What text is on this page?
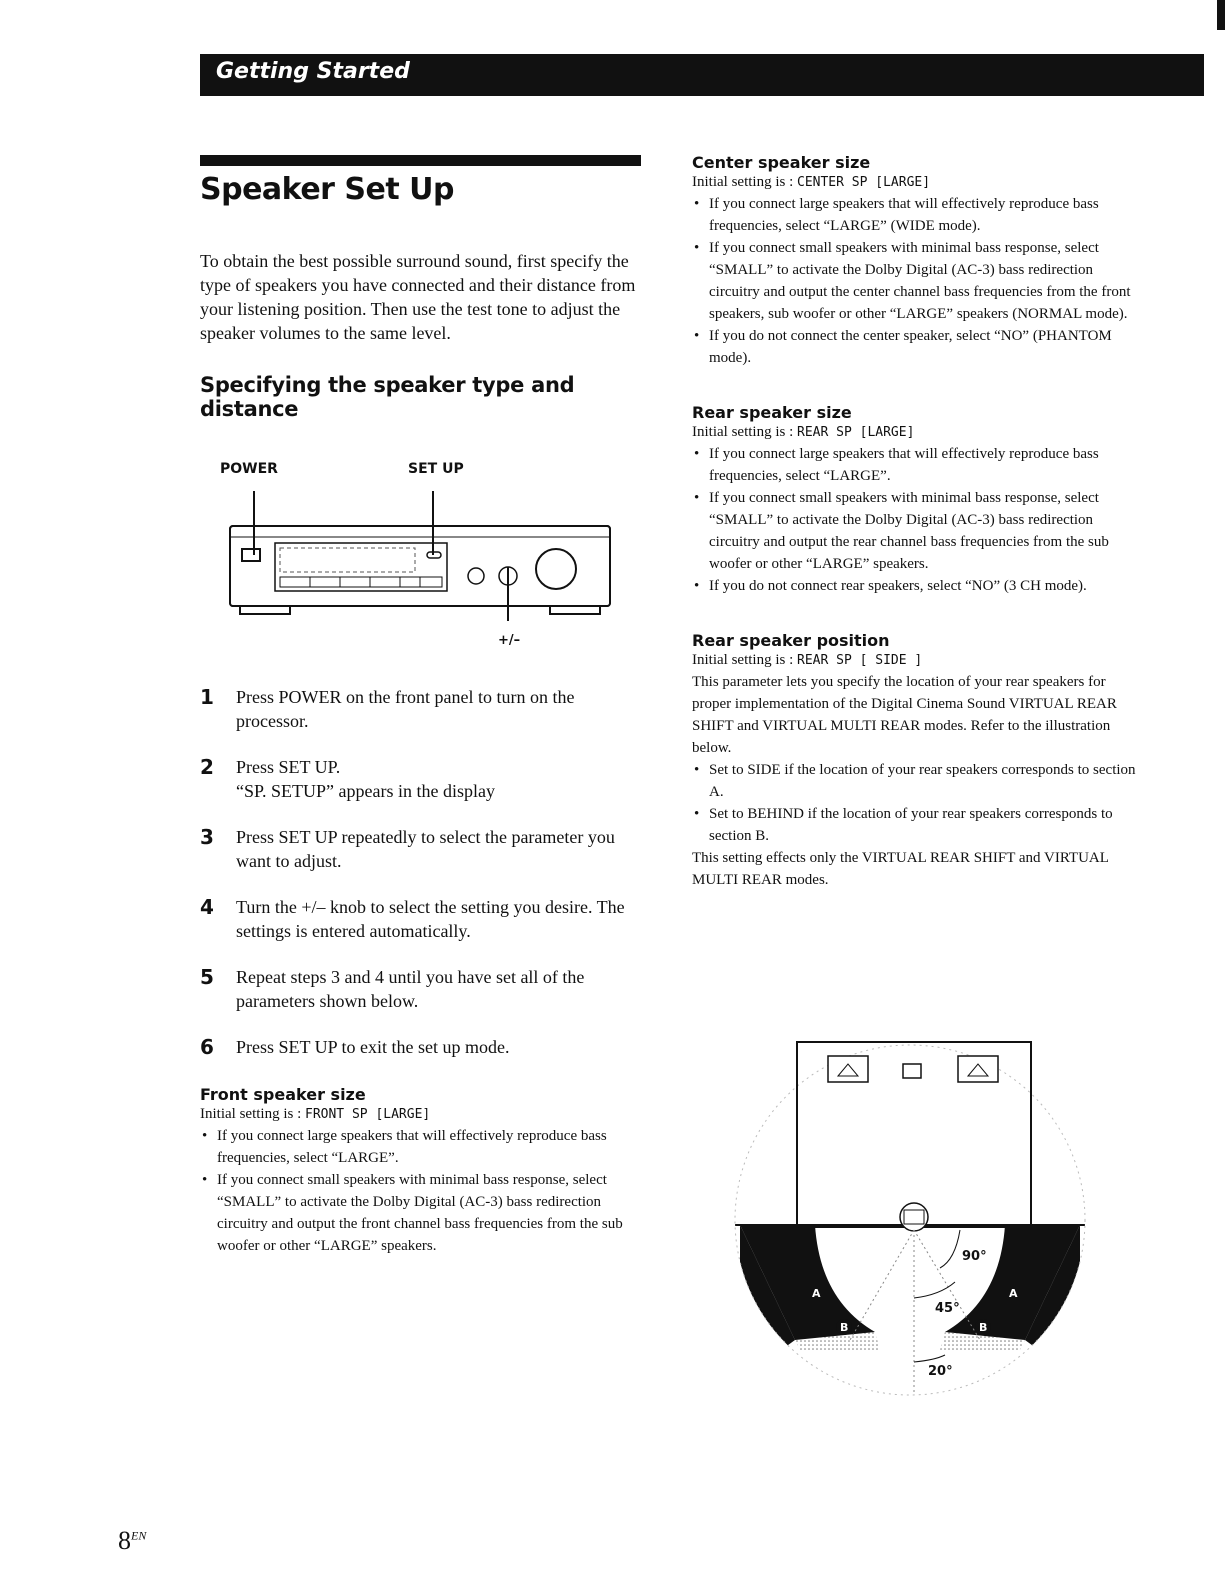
Getting Started
Speaker Set Up

To obtain the best possible surround sound, first specify the type of speakers you have connected and their distance from your listening position. Then use the test tone to adjust the speaker volumes to the same level.

Specifying the speaker type and distance
POWER	SET UP
+/–
1 Press POWER on the front panel to turn on the processor.
2 Press SET UP.
“SP. SETUP” appears in the display
3 Press SET UP repeatedly to select the parameter you want to adjust.
4 Turn the +/– knob to select the setting you desire. The settings is entered automatically.
5 Repeat steps 3 and 4 until you have set all of the parameters shown below.
6 Press SET UP to exit the set up mode.
Front speaker size
Initial setting is : FRONT SP [LARGE]
• If you connect large speakers that will effectively reproduce bass frequencies, select “LARGE”.
• If you connect small speakers with minimal bass response, select “SMALL” to activate the Dolby Digital (AC-3) bass redirection circuitry and output the front channel bass frequencies from the sub woofer or other “LARGE” speakers.
Center speaker size
Initial setting is : CENTER SP [LARGE]
• If you connect large speakers that will effectively reproduce bass frequencies, select “LARGE” (WIDE mode).
• If you connect small speakers with minimal bass response, select “SMALL” to activate the Dolby Digital (AC-3) bass redirection circuitry and output the center channel bass frequencies from the front speakers, sub woofer or other “LARGE” speakers (NORMAL mode).
• If you do not connect the center speaker, select “NO” (PHANTOM mode).
Rear speaker size
Initial setting is : REAR SP [LARGE]
• If you connect large speakers that will effectively reproduce bass frequencies, select “LARGE”.
• If you connect small speakers with minimal bass response, select “SMALL” to activate the Dolby Digital (AC-3) bass redirection circuitry and output the rear channel bass frequencies from the sub woofer or other “LARGE” speakers.
• If you do not connect rear speakers, select “NO” (3 CH mode).
Rear speaker position
Initial setting is : REAR SP [ SIDE ]
This parameter lets you specify the location of your rear speakers for proper implementation of the Digital Cinema Sound VIRTUAL REAR SHIFT and VIRTUAL MULTI REAR modes. Refer to the illustration below.
• Set to SIDE if the location of your rear speakers corresponds to section A.
• Set to BEHIND if the location of your rear speakers corresponds to section B.
This setting effects only the VIRTUAL REAR SHIFT and VIRTUAL MULTI REAR modes.
A	A
B	B
90°
45°
20°
$8^{EN}$
